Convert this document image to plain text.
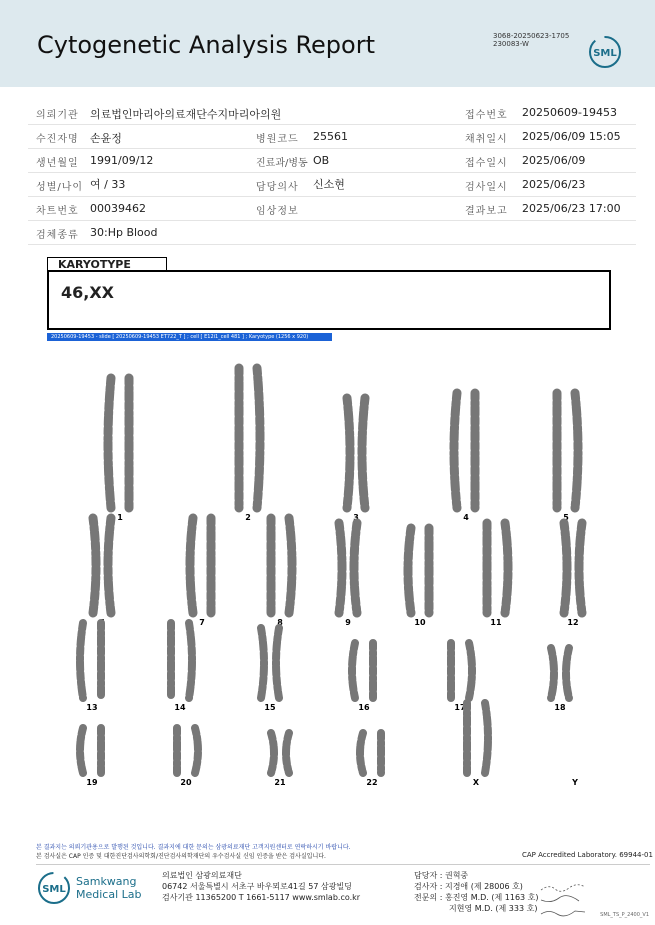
Cytogenetic Analysis Report	3068-20250623-1705
230083-W
SML
의뢰기관 의료법인마리아의료재단수지마리아의원	접수번호 20250609-19453
수진자명 손윤정	병원코드 25561	채취일시 2025/06/09 15:05
생년월일 1991/09/12	진료과/병동 OB	접수일시 2025/06/09
성별/나이 여 / 33	담당의사 신소현	검사일시 2025/06/23
차트번호 00039462	임상정보	결과보고 2025/06/23 17:00
검체종류 30:Hp Blood
KARYOTYPE
46,XX
20250609-19453 - slide [ 20250609-19453 ET722_T ] ; cell [ E12i1_cell 481 ] ; Karyotype (1256 x 920)
1	2	3	4	5
6	7	8	9	10	11	12
13	14	15	16	17	18
19	20	21	22	X	Y
본 결과지는 의뢰기관용으로 발행된 것입니다. 결과지에 대한 문의는 삼광의료재단 고객지원센터로 연락하시기 바랍니다.
본 검사실은 CAP 인증 및 대한진단검사의학회/진단검사의학재단의 우수검사실 신임 인증을 받은 검사실입니다.	CAP Accredited Laboratory. 69944-01
SML
Samkwang
Medical Lab
의료법인 삼광의료재단
06742 서울특별시 서초구 바우뫼로41길 57 삼광빌딩
검사기관 11365200 T 1661-5117 www.smlab.co.kr
담당자 : 권혁중
검사자 : 지경애 (제 28006 호)
전문의 : 홍진영 M.D. (제 1163 호)
지현영 M.D. (제 333 호)
SML_TS_P_2400_V1
